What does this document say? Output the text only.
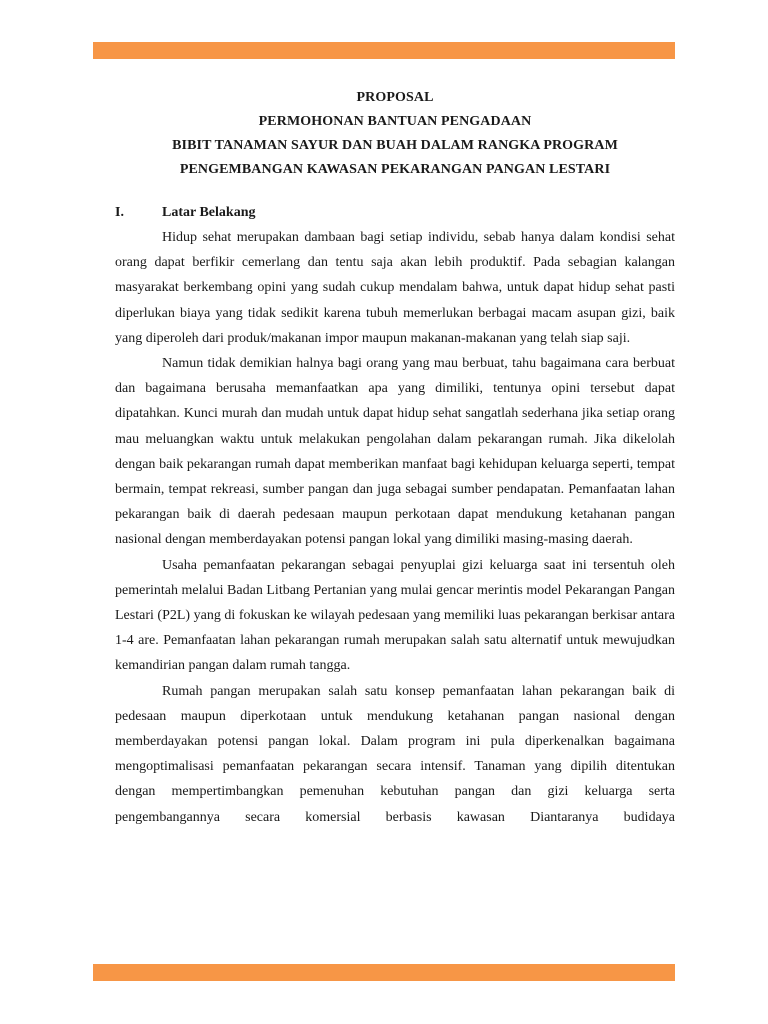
PROPOSAL
PERMOHONAN BANTUAN PENGADAAN
BIBIT TANAMAN SAYUR DAN BUAH DALAM RANGKA PROGRAM
PENGEMBANGAN KAWASAN PEKARANGAN PANGAN LESTARI
I.	Latar Belakang

Hidup sehat merupakan dambaan bagi setiap individu, sebab hanya dalam kondisi sehat orang dapat berfikir cemerlang dan tentu saja akan lebih produktif. Pada sebagian kalangan masyarakat berkembang opini yang sudah cukup mendalam bahwa, untuk dapat hidup sehat pasti diperlukan biaya yang tidak sedikit karena tubuh memerlukan berbagai macam asupan gizi, baik yang diperoleh dari produk/makanan impor maupun makanan-makanan yang telah siap saji.

Namun tidak demikian halnya bagi orang yang mau berbuat, tahu bagaimana cara berbuat dan bagaimana berusaha memanfaatkan apa yang dimiliki, tentunya opini tersebut dapat dipatahkan. Kunci murah dan mudah untuk dapat hidup sehat sangatlah sederhana jika setiap orang mau meluangkan waktu untuk melakukan pengolahan dalam pekarangan rumah. Jika dikelolah dengan baik pekarangan rumah dapat memberikan manfaat bagi kehidupan keluarga seperti, tempat bermain, tempat rekreasi, sumber pangan dan juga sebagai sumber pendapatan. Pemanfaatan lahan pekarangan baik di daerah pedesaan maupun perkotaan dapat mendukung ketahanan pangan nasional dengan memberdayakan potensi pangan lokal yang dimiliki masing-masing daerah.

Usaha pemanfaatan pekarangan sebagai penyuplai gizi keluarga saat ini tersentuh oleh pemerintah melalui Badan Litbang Pertanian yang mulai gencar merintis model Pekarangan Pangan Lestari (P2L) yang di fokuskan ke wilayah pedesaan yang memiliki luas pekarangan berkisar antara 1-4 are. Pemanfaatan lahan pekarangan rumah merupakan salah satu alternatif untuk mewujudkan kemandirian pangan dalam rumah tangga.

Rumah pangan merupakan salah satu konsep pemanfaatan lahan pekarangan baik di pedesaan maupun diperkotaan untuk mendukung ketahanan pangan nasional dengan memberdayakan potensi pangan lokal. Dalam program ini pula diperkenalkan bagaimana mengoptimalisasi pemanfaatan pekarangan secara intensif. Tanaman yang dipilih ditentukan dengan mempertimbangkan pemenuhan kebutuhan pangan dan gizi keluarga serta pengembangannya secara komersial berbasis kawasan Diantaranya budidaya
